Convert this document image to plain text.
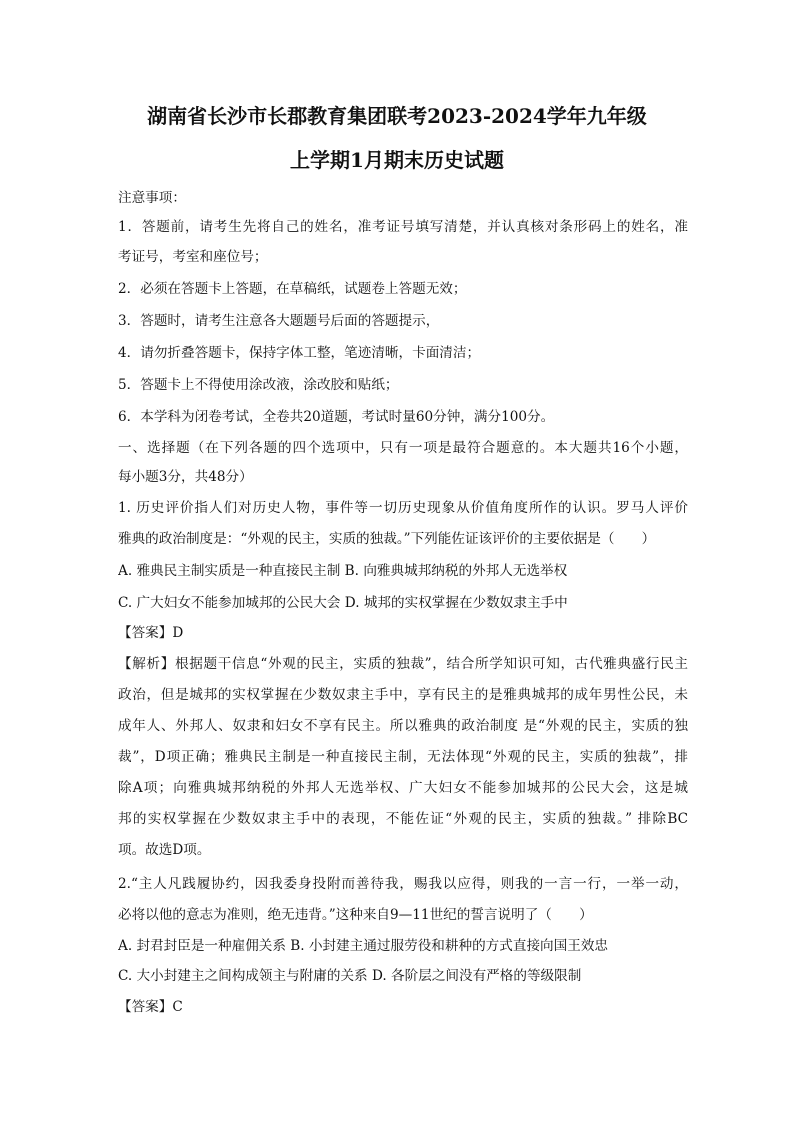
湖南省长沙市长郡教育集团联考2023-2024学年九年级
上学期1月期末历史试题
注意事项：
1．答题前，请考生先将自己的姓名，准考证号填写清楚，并认真核对条形码上的姓名，准
考证号，考室和座位号；
2．必须在答题卡上答题，在草稿纸，试题卷上答题无效；
3．答题时，请考生注意各大题题号后面的答题提示，
4．请勿折叠答题卡，保持字体工整，笔迹清晰，卡面清洁；
5．答题卡上不得使用涂改液，涂改胶和贴纸；
6．本学科为闭卷考试，全卷共20道题，考试时量60分钟，满分100分。
一、选择题（在下列各题的四个选项中，只有一项是最符合题意的。本大题共16个小题，
每小题3分，共48分）
1. 历史评价指人们对历史人物，事件等一切历史现象从价值角度所作的认识。罗马人评价
雅典的政治制度是：“外观的民主，实质的独裁。”下列能佐证该评价的主要依据是（　　）
A. 雅典民主制实质是一种直接民主制 B. 向雅典城邦纳税的外邦人无选举权
C. 广大妇女不能参加城邦的公民大会 D. 城邦的实权掌握在少数奴隶主手中
【答案】D
【解析】根据题干信息“外观的民主，实质的独裁”，结合所学知识可知，古代雅典盛行民主
政治，但是城邦的实权掌握在少数奴隶主手中，享有民主的是雅典城邦的成年男性公民，未
成年人、外邦人、奴隶和妇女不享有民主。所以雅典的政治制度 是“外观的民主，实质的独
裁”，D项正确；雅典民主制是一种直接民主制，无法体现“外观的民主，实质的独裁”，排
除A项；向雅典城邦纳税的外邦人无选举权、广大妇女不能参加城邦的公民大会，这是城
邦的实权掌握在少数奴隶主手中的表现，不能佐证“外观的民主，实质的独裁。” 排除BC
项。故选D项。
2.“主人凡践履协约，因我委身投附而善待我，赐我以应得，则我的一言一行，一举一动，
必将以他的意志为准则，绝无违背。”这种来自9—11世纪的誓言说明了（　　）
A. 封君封臣是一种雇佣关系 B. 小封建主通过服劳役和耕种的方式直接向国王效忠
C. 大小封建主之间构成领主与附庸的关系 D. 各阶层之间没有严格的等级限制
【答案】C
